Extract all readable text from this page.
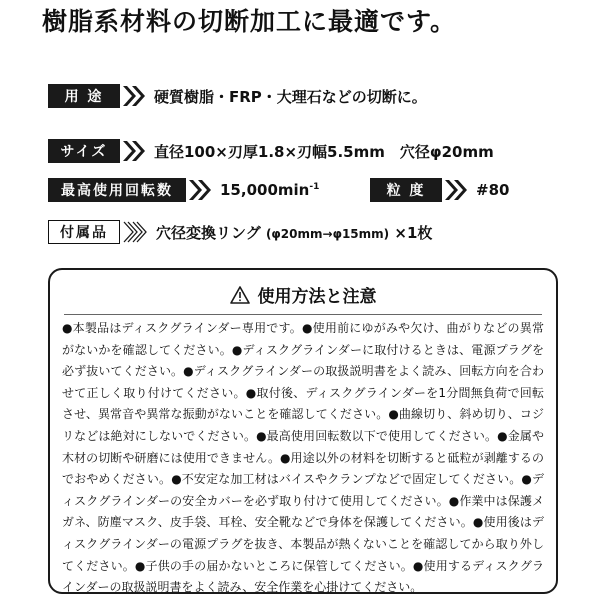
樹脂系材料の切断加工に最適です。
用 途	硬質樹脂・FRP・大理石などの切断に。
サイズ	直径100×刃厚1.8×刃幅5.5mm　穴径φ20mm
最高使用回転数	$15,000\min^{-1}$	粒 度	#80
付属品	穴径変換リング (φ20mm→φ15mm) ×1枚
使用方法と注意
●本製品はディスクグラインダー専用です。●使用前にゆがみや欠け、曲がりなどの異常がないかを確認してください。●ディスクグラインダーに取付けるときは、電源プラグを必ず抜いてください。●ディスクグラインダーの取扱説明書をよく読み、回転方向を合わせて正しく取り付けてください。●取付後、ディスクグラインダーを1分間無負荷で回転させ、異常音や異常な振動がないことを確認してください。●曲線切り、斜め切り、コジリなどは絶対にしないでください。●最高使用回転数以下で使用してください。●金属や木材の切断や研磨には使用できません。●用途以外の材料を切断すると砥粒が剥離するのでおやめください。●不安定な加工材はバイスやクランプなどで固定してください。●ディスクグラインダーの安全カバーを必ず取り付けて使用してください。●作業中は保護メガネ、防塵マスク、皮手袋、耳栓、安全靴などで身体を保護してください。●使用後はディスクグラインダーの電源プラグを抜き、本製品が熱くないことを確認してから取り外してください。●子供の手の届かないところに保管してください。●使用するディスクグラインダーの取扱説明書をよく読み、安全作業を心掛けてください。
